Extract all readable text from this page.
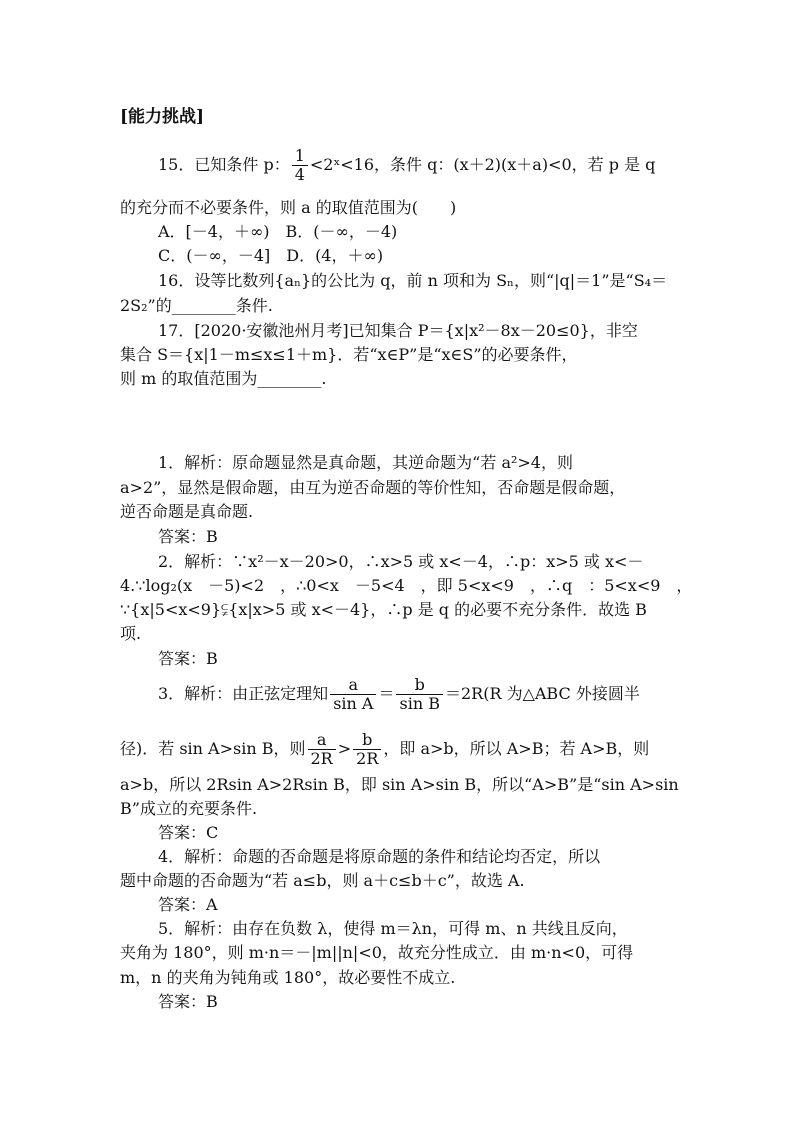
[能力挑战]
15．已知条件 p： $\frac{1}{4}$ <2ˣ<16，条件 q：(x＋2)(x＋a)<0，若 p 是 q
的充分而不必要条件，则 a 的取值范围为(　　)
A．[－4，＋∞)　B．(－∞，－4)
C．(－∞，－4]　D．(4，＋∞)
16．设等比数列{aₙ}的公比为 q，前 n 项和为 Sₙ，则“|q|＝1”是“S₄＝
2S₂”的________条件.
17．[2020·安徽池州月考]已知集合 P＝{x|x²－8x－20≤0}，非空
集合 S＝{x|1－m≤x≤1＋m}．若“x∈P”是“x∈S”的必要条件，
则 m 的取值范围为________.
1．解析：原命题显然是真命题，其逆命题为“若 a²>4，则
a>2”，显然是假命题，由互为逆否命题的等价性知，否命题是假命题，
逆否命题是真命题.
答案：B
2．解析：∵x²－x－20>0，∴x>5 或 x<－4，∴p：x>5 或 x<－
4.∵log₂(x　－5)<2　，∴0<x　－5<4　，即 5<x<9　，∴q　：5<x<9　，
∵{x|5<x<9}⫋{x|x>5 或 x<－4}，∴p 是 q 的必要不充分条件．故选 B
项.
答案：B
3．解析：由正弦定理知 $\frac{a}{\text{sin A}} = \frac{b}{\text{sin B}} =2R(R$ 为△ABC 外接圆半
径)．若 sin A>sin B，则 $\frac{a}{2R} > \frac{b}{2R}$ ，即 a>b，所以 A>B；若 A>B，则
a>b，所以 2Rsin A>2Rsin B，即 sin A>sin B，所以“A>B”是“sin A>sin
B”成立的充要条件.
答案：C
4．解析：命题的否命题是将原命题的条件和结论均否定，所以
题中命题的否命题为“若 a≤b，则 a＋c≤b＋c”，故选 A.
答案：A
5．解析：由存在负数 λ，使得 m＝λn，可得 m、n 共线且反向，
夹角为 180°，则 m·n＝－|m||n|<0，故充分性成立．由 m·n<0，可得
m，n 的夹角为钝角或 180°，故必要性不成立.
答案：B
